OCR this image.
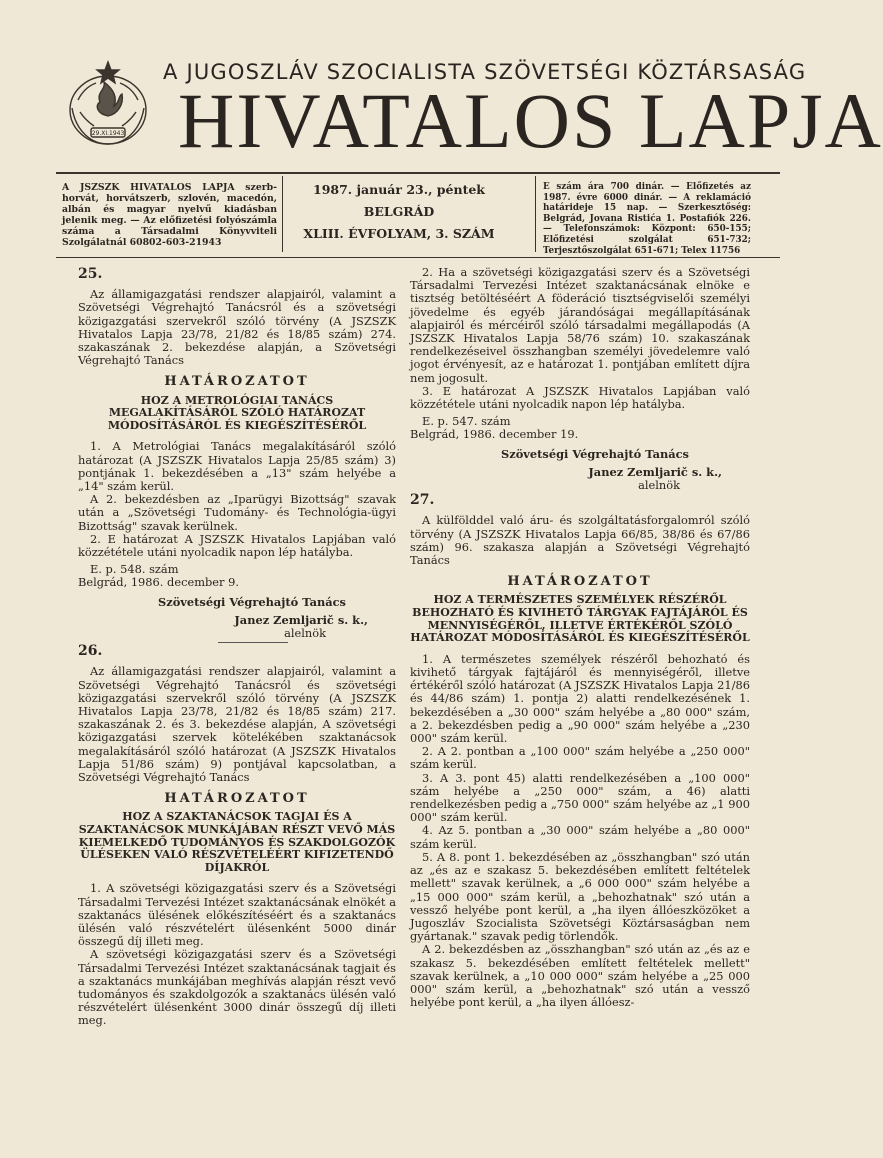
29.XI.1943
A JUGOSZLÁV SZOCIALISTA SZÖVETSÉGI KÖZTÁRSASÁG
HIVATALOS LAPJA
A JSZSZK HIVATALOS LAPJA szerb-horvát, horvátszerb, szlovén, macedón, albán és magyar nyelvű kiadásban jelenik meg. — Az előfizetési folyószámla száma a Társadalmi Könyvviteli Szolgálatnál 60802-603-21943
1987. január 23., péntek
BELGRÁD
XLIII. ÉVFOLYAM, 3. SZÁM
E szám ára 700 dinár. — Előfizetés az 1987. évre 6000 dinár. — A reklamáció határideje 15 nap. — Szerkesztőség: Belgrád, Jovana Ristića 1. Postafiók 226. — Telefonszámok: Központ: 650-155; Előfizetési szolgálat 651-732; Terjesztőszolgálat 651-671; Telex 11756
25.

Az államigazgatási rendszer alapjairól, valamint a Szövetségi Végrehajtó Tanácsról és a szövetségi közigazgatási szervekről szóló törvény (A JSZSZK Hivatalos Lapja 23/78, 21/82 és 18/85 szám) 274. szakaszának 2. bekezdése alapján, a Szövetségi Végrehajtó Tanács

HATÁROZATOT
HOZ A METROLÓGIAI TANÁCS MEGALAKÍTÁSÁRÓL SZÓLÓ HATÁROZAT MÓDOSÍTÁSÁRÓL ÉS KIEGÉSZÍTÉSÉRŐL

1. A Metrológiai Tanács megalakításáról szóló határozat (A JSZSZK Hivatalos Lapja 25/85 szám) 3) pontjának 1. bekezdésében a „13" szám helyébe a „14" szám kerül.

A 2. bekezdésben az „Iparügyi Bizottság" szavak után a „Szövetségi Tudomány- és Technológia-ügyi Bizottság" szavak kerülnek.

2. E határozat A JSZSZK Hivatalos Lapjában való közzététele utáni nyolcadik napon lép hatályba.

E. p. 548. szám
Belgrád, 1986. december 9.
Szövetségi Végrehajtó Tanács
Janez Zemljarič s. k.,
alelnök
26.

Az államigazgatási rendszer alapjairól, valamint a Szövetségi Végrehajtó Tanácsról és szövetségi közigazgatási szervekről szóló törvény (A JSZSZK Hivatalos Lapja 23/78, 21/82 és 18/85 szám) 217. szakaszának 2. és 3. bekezdése alapján, A szövetségi közigazgatási szervek kötelékében szaktanácsok megalakításáról szóló határozat (A JSZSZK Hivatalos Lapja 51/86 szám) 9) pontjával kapcsolatban, a Szövetségi Végrehajtó Tanács

HATÁROZATOT
HOZ A SZAKTANÁCSOK TAGJAI ÉS A SZAKTANÁCSOK MUNKÁJÁBAN RÉSZT VEVŐ MÁS KIEMELKEDŐ TUDOMÁNYOS ÉS SZAKDOLGOZÓK ÜLÉSEKEN VALÓ RÉSZVÉTELÉÉRT KIFIZETENDŐ DÍJAKRÓL

1. A szövetségi közigazgatási szerv és a Szövetségi Társadalmi Tervezési Intézet szaktanácsának elnökét a szaktanács ülésének előkészítéséért és a szaktanács ülésén való részvételért ülésenként 5000 dinár összegű díj illeti meg.

A szövetségi közigazgatási szerv és a Szövetségi Társadalmi Tervezési Intézet szaktanácsának tagjait és a szaktanács munkájában meghívás alapján részt vevő tudományos és szakdolgozók a szaktanács ülésén való részvételért ülésenként 3000 dinár összegű díj illeti meg.

2. Ha a szövetségi közigazgatási szerv és a Szövetségi Társadalmi Tervezési Intézet szaktanácsának elnöke e tisztség betöltéséért A föderáció tisztségviselői személyi jövedelme és egyéb járandóságai megállapításának alapjairól és mércéiről szóló társadalmi megállapodás (A JSZSZK Hivatalos Lapja 58/76 szám) 10. szakaszának rendelkezéseivel összhangban személyi jövedelemre való jogot érvényesít, az e határozat 1. pontjában említett díjra nem jogosult.

3. E határozat A JSZSZK Hivatalos Lapjában való közzététele utáni nyolcadik napon lép hatályba.

E. p. 547. szám
Belgrád, 1986. december 19.
Szövetségi Végrehajtó Tanács
Janez Zemljarič s. k.,
alelnök
27.

A külfölddel való áru- és szolgáltatásforgalomról szóló törvény (A JSZSZK Hivatalos Lapja 66/85, 38/86 és 67/86 szám) 96. szakasza alapján a Szövetségi Végrehajtó Tanács

HATÁROZATOT
HOZ A TERMÉSZETES SZEMÉLYEK RÉSZÉRŐL BEHOZHATÓ ÉS KIVIHETŐ TÁRGYAK FAJTÁJÁRÓL ÉS MENNYISÉGÉRŐL, ILLETVE ÉRTÉKÉRŐL SZÓLÓ HATÁROZAT MÓDOSÍTÁSÁRÓL ÉS KIEGÉSZÍTÉSÉRŐL

1. A természetes személyek részéről behozható és kivihető tárgyak fajtájáról és mennyiségéről, illetve értékéről szóló határozat (A JSZSZK Hivatalos Lapja 21/86 és 44/86 szám) 1. pontja 2) alatti rendelkezésének 1. bekezdésében a „30 000" szám helyébe a „80 000" szám, a 2. bekezdésben pedig a „90 000" szám helyébe a „230 000" szám kerül.

2. A 2. pontban a „100 000" szám helyébe a „250 000" szám kerül.

3. A 3. pont 45) alatti rendelkezésében a „100 000" szám helyébe a „250 000" szám, a 46) alatti rendelkezésben pedig a „750 000" szám helyébe az „1 900 000" szám kerül.

4. Az 5. pontban a „30 000" szám helyébe a „80 000" szám kerül.

5. A 8. pont 1. bekezdésében az „összhangban" szó után az „és az e szakasz 5. bekezdésében említett feltételek mellett" szavak kerülnek, a „6 000 000" szám helyébe a „15 000 000" szám kerül, a „behozhatnak" szó után a vessző helyébe pont kerül, a „ha ilyen állóeszközöket a Jugoszláv Szocialista Szövetségi Köztársaságban nem gyártanak." szavak pedig törlendők.

A 2. bekezdésben az „összhangban" szó után az „és az e szakasz 5. bekezdésében említett feltételek mellett" szavak kerülnek, a „10 000 000" szám helyébe a „25 000 000" szám kerül, a „behozhatnak" szó után a vessző helyébe pont kerül, a „ha ilyen állóesz-
